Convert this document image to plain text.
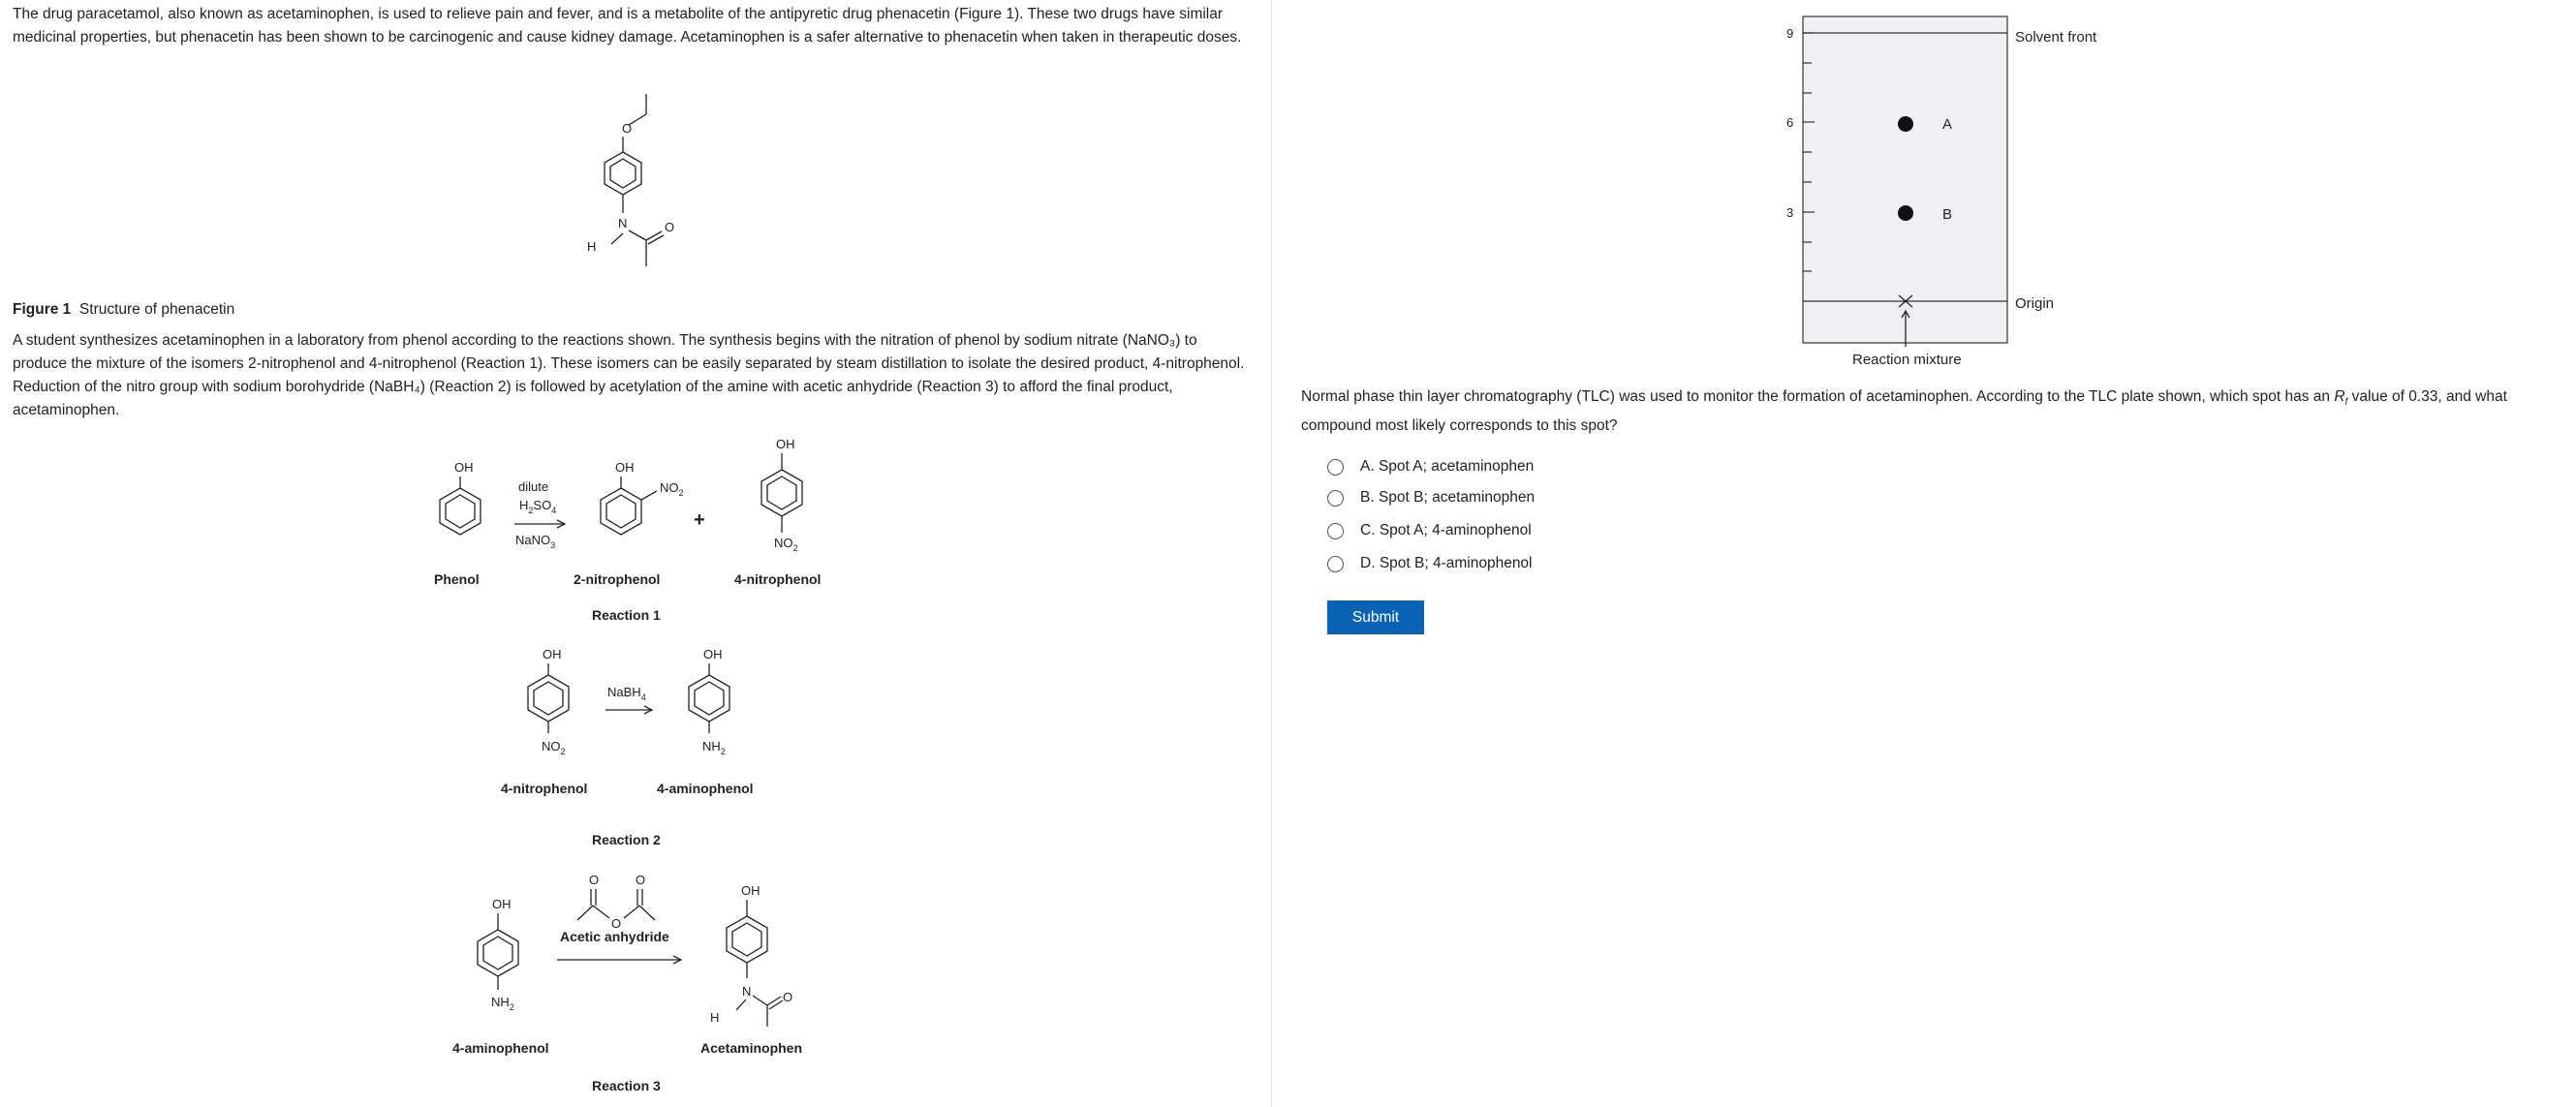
The drug paracetamol, also known as acetaminophen, is used to relieve pain and fever, and is a metabolite of the antipyretic drug phenacetin (Figure 1). These two drugs have similar medicinal properties, but phenacetin has been shown to be carcinogenic and cause kidney damage. Acetaminophen is a safer alternative to phenacetin when taken in therapeutic doses.

O
N
H
O
Figure 1 Structure of phenacetin

A student synthesizes acetaminophen in a laboratory from phenol according to the reactions shown. The synthesis begins with the nitration of phenol by sodium nitrate (NaNO₃) to produce the mixture of the isomers 2-nitrophenol and 4-nitrophenol (Reaction 1). These isomers can be easily separated by steam distillation to isolate the desired product, 4-nitrophenol. Reduction of the nitro group with sodium borohydride (NaBH₄) (Reaction 2) is followed by acetylation of the amine with acetic anhydride (Reaction 3) to afford the final product, acetaminophen.

OH
Phenol
dilute
$H_2SO_4$
NaNO$_3$
OH
$NO_2$
2-nitrophenol
+
OH
$NO_2$
4-nitrophenol
Reaction 1
OH
$NO_2$
4-nitrophenol
NaBH$_4$
OH
$NH_2$
4-aminophenol
Reaction 2
OH
$NH_2$
4-aminophenol
O	O
O
Acetic anhydride
OH
N
H
O
Acetaminophen
Reaction 3
9
6
3
A
B
Solvent front
Origin
Reaction mixture

Normal phase thin layer chromatography (TLC) was used to monitor the formation of acetaminophen. According to the TLC plate shown, which spot has an $R_f$ value of 0.33, and what compound most likely corresponds to this spot?

A.
Spot A; acetaminophen
B.
Spot B; acetaminophen
C.
Spot A; 4-aminophenol
D.
Spot B; 4-aminophenol
Submit
